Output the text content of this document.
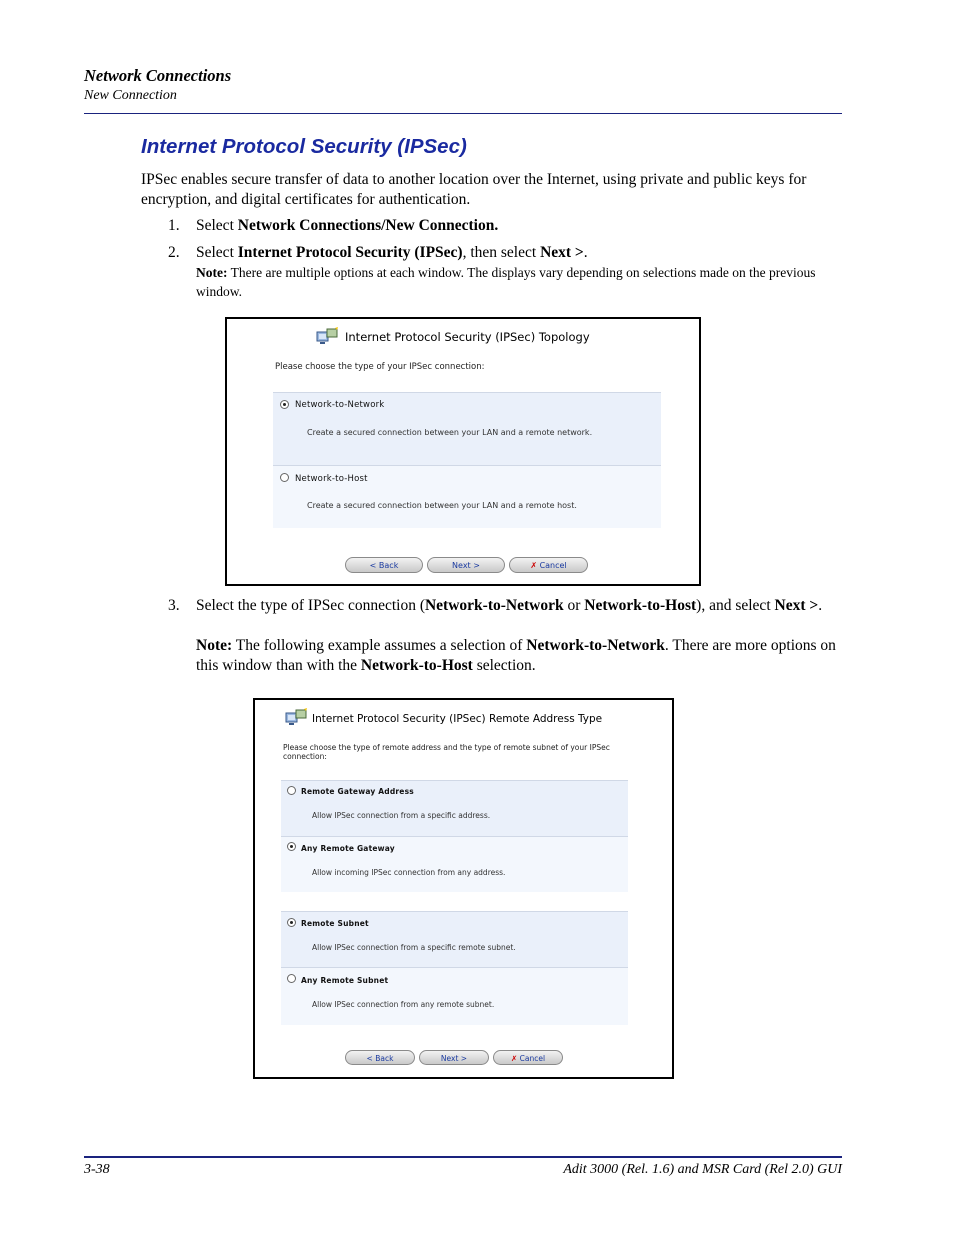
Network Connections
New Connection
Internet Protocol Security (IPSec)
IPSec enables secure transfer of data to another location over the Internet, using private and public keys for encryption, and digital certificates for authentication.
1. Select Network Connections/New Connection.
2. Select Internet Protocol Security (IPSec), then select Next >.
Note: There are multiple options at each window. The displays vary depending on selections made on the previous window.
Internet Protocol Security (IPSec) Topology
Please choose the type of your IPSec connection:
Network-to-Network
Create a secured connection between your LAN and a remote network.
Network-to-Host
Create a secured connection between your LAN and a remote host.
< Back	Next >	✗ Cancel
3. Select the type of IPSec connection (Network-to-Network or Network-to-Host), and select Next >.
Note: The following example assumes a selection of Network-to-Network. There are more options on this window than with the Network-to-Host selection.
Internet Protocol Security (IPSec) Remote Address Type
Please choose the type of remote address and the type of remote subnet of your IPSec connection:
Remote Gateway Address
Allow IPSec connection from a specific address.
Any Remote Gateway
Allow incoming IPSec connection from any address.
Remote Subnet
Allow IPSec connection from a specific remote subnet.
Any Remote Subnet
Allow IPSec connection from any remote subnet.
< Back	Next >	✗ Cancel
3-38	Adit 3000 (Rel. 1.6) and MSR Card (Rel 2.0) GUI
